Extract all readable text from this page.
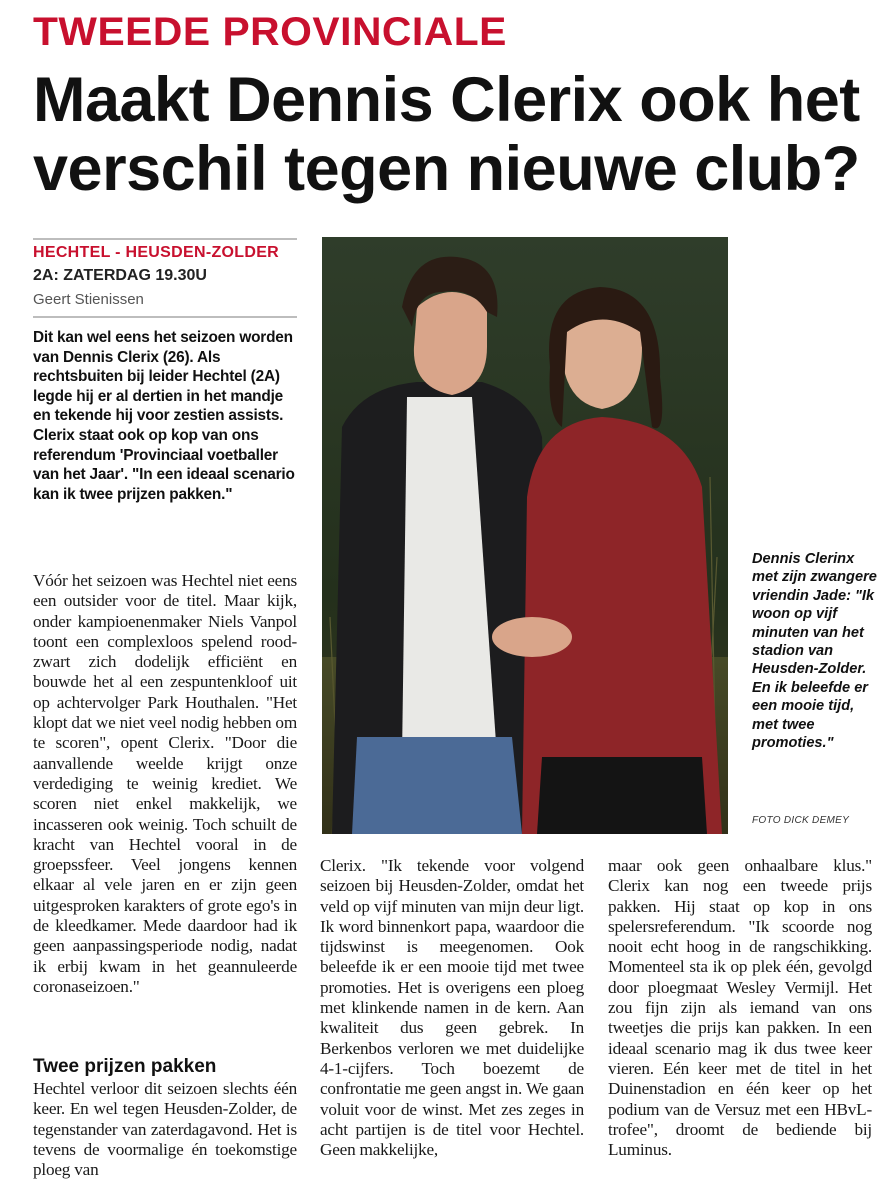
TWEEDE PROVINCIALE
Maakt Dennis Clerix ook het verschil tegen nieuwe club?
HECHTEL - HEUSDEN-ZOLDER
2A: ZATERDAG 19.30U
Geert Stienissen
Dit kan wel eens het seizoen worden van Dennis Clerix (26). Als rechtsbuiten bij leider Hechtel (2A) legde hij er al dertien in het mandje en tekende hij voor zestien assists. Clerix staat ook op kop van ons referendum 'Provinciaal voetballer van het Jaar'. "In een ideaal scenario kan ik twee prijzen pakken."
Vóór het seizoen was Hechtel niet eens een outsider voor de titel. Maar kijk, onder kampioenenmaker Niels Vanpol toont een complexloos spelend rood-zwart zich dodelijk efficiënt en bouwde het al een zespuntenkloof uit op achtervolger Park Houthalen. "Het klopt dat we niet veel nodig hebben om te scoren", opent Clerix. "Door die aanvallende weelde krijgt onze verdediging te weinig krediet. We scoren niet enkel makkelijk, we incasseren ook weinig. Toch schuilt de kracht van Hechtel vooral in de groepssfeer. Veel jongens kennen elkaar al vele jaren en er zijn geen uitgesproken karakters of grote ego's in de kleedkamer. Mede daardoor had ik geen aanpassingsperiode nodig, nadat ik erbij kwam in het geannuleerde coronaseizoen."
Twee prijzen pakken
Hechtel verloor dit seizoen slechts één keer. En wel tegen Heusden-Zolder, de tegenstander van zaterdagavond. Het is tevens de voormalige én toekomstige ploeg van
Dennis Clerinx met zijn zwangere vriendin Jade: "Ik woon op vijf minuten van het stadion van Heusden-Zolder. En ik beleefde er een mooie tijd, met twee promoties."
FOTO DICK DEMEY
Clerix. "Ik tekende voor volgend seizoen bij Heusden-Zolder, omdat het veld op vijf minuten van mijn deur ligt. Ik word binnenkort papa, waardoor die tijdswinst is meegenomen. Ook beleefde ik er een mooie tijd met twee promoties. Het is overigens een ploeg met klinkende namen in de kern. Aan kwaliteit dus geen gebrek. In Berkenbos verloren we met duidelijke 4-1-cijfers. Toch boezemt de confrontatie me geen angst in. We gaan voluit voor de winst. Met zes zeges in acht partijen is de titel voor Hechtel. Geen makkelijke,
maar ook geen onhaalbare klus." Clerix kan nog een tweede prijs pakken. Hij staat op kop in ons spelersreferendum. "Ik scoorde nog nooit echt hoog in de rangschikking. Momenteel sta ik op plek één, gevolgd door ploegmaat Wesley Vermijl. Het zou fijn zijn als iemand van ons tweetjes die prijs kan pakken. In een ideaal scenario mag ik dus twee keer vieren. Eén keer met de titel in het Duinenstadion en één keer op het podium van de Versuz met een HBvL-trofee", droomt de bediende bij Luminus.
